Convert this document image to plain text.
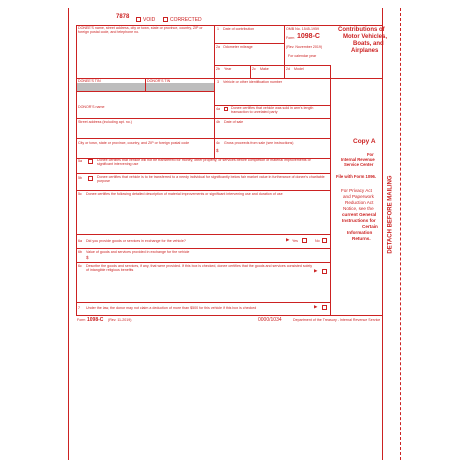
7878	VOID	CORRECTED
DONEE'S name, street address, city or town, state or province, country, ZIP or foreign postal code, and telephone no.
DONEE'S TIN	DONOR'S TIN
DONOR'S name
Street address (including apt. no.)
City or town, state or province, country, and ZIP or foreign postal code
1 Date of contribution	OMB No. 1545-1959
Form 1098-C
(Rev. November 2019)
For calendar year
Contributions of
Motor Vehicles,
Boats, and
Airplanes
2a Odometer mileage
2b Year	2c Make	2d Model
3 Vehicle or other identification number
4a	Donee certifies that vehicle was sold in arm's length transaction to unrelated party
4b Date of sale
4c Gross proceeds from sale (see instructions)
$
5a	Donee certifies that vehicle will not be transferred for money, other property, or services before completion of material improvements or significant intervening use
5b	Donee certifies that vehicle is to be transferred to a needy individual for significantly below fair market value in furtherance of donee's charitable purpose
5c Donee certifies the following detailed description of material improvements or significant intervening use and duration of use
6a Did you provide goods or services in exchange for the vehicle?	▶ Yes	No
6b Value of goods and services provided in exchange for the vehicle
$
6c Describe the goods and services, if any, that were provided. If this box is checked, donee certifies that the goods and services consisted solely of intangible religious benefits	▶
7 Under the law, the donor may not claim a deduction of more than $500 for this vehicle if this box is checked	▶
Copy A
For
Internal Revenue
Service Center
File with Form 1096.
For Privacy Act
and Paperwork
Reduction Act
Notice, see the
current General
Instructions for
Certain
Information
Returns.	DETACH BEFORE MAILING
Form 1098-C (Rev. 11-2019)	0000/1034	Department of the Treasury - Internal Revenue Service
